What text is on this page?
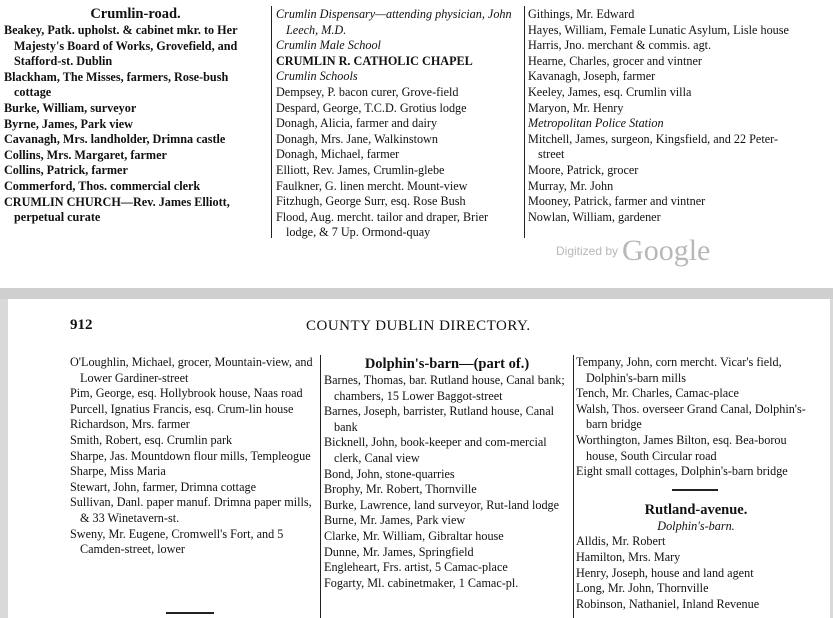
Crumlin-road.
Beakey, Patk. upholst. & cabinet mkr. to Her Majesty's Board of Works, Grovefield, and Stafford-st. Dublin
Blackham, The Misses, farmers, Rose-bush cottage
Burke, William, surveyor
Byrne, James, Park view
Cavanagh, Mrs. landholder, Drimna castle
Collins, Mrs. Margaret, farmer
Collins, Patrick, farmer
Commerford, Thos. commercial clerk
CRUMLIN CHURCH—Rev. James Elliott, perpetual curate
Crumlin Dispensary—attending physician, John Leech, M.D.
Crumlin Male School
CRUMLIN R. CATHOLIC CHAPEL
Crumlin Schools
Dempsey, P. bacon curer, Grove-field
Despard, George, T.C.D. Grotius lodge
Donagh, Alicia, farmer and dairy
Donagh, Mrs. Jane, Walkinstown
Donagh, Michael, farmer
Elliott, Rev. James, Crumlin-glebe
Faulkner, G. linen mercht. Mount-view
Fitzhugh, George Surr, esq. Rose Bush
Flood, Aug. mercht. tailor and draper, Brier lodge, & 7 Up. Ormond-quay
Githings, Mr. Edward
Hayes, William, Female Lunatic Asylum, Lisle house
Harris, Jno. merchant & commis. agt.
Hearne, Charles, grocer and vintner
Kavanagh, Joseph, farmer
Keeley, James, esq. Crumlin villa
Maryon, Mr. Henry
Metropolitan Police Station
Mitchell, James, surgeon, Kingsfield, and 22 Peter-street
Moore, Patrick, grocer
Murray, Mr. John
Mooney, Patrick, farmer and vintner
Nowlan, William, gardener
Digitized by Google
912	COUNTY DUBLIN DIRECTORY.
O'Loughlin, Michael, grocer, Mountain-view, and Lower Gardiner-street
Pim, George, esq. Hollybrook house, Naas road
Purcell, Ignatius Francis, esq. Crum-lin house
Richardson, Mrs. farmer
Smith, Robert, esq. Crumlin park
Sharpe, Jas. Mountdown flour mills, Templeogue
Sharpe, Miss Maria
Stewart, John, farmer, Drimna cottage
Sullivan, Danl. paper manuf. Drimna paper mills, & 33 Winetavern-st.
Sweny, Mr. Eugene, Cromwell's Fort, and 5 Camden-street, lower
Dolphin's-barn—(part of.)
Barnes, Thomas, bar. Rutland house, Canal bank; chambers, 15 Lower Baggot-street
Barnes, Joseph, barrister, Rutland house, Canal bank
Bicknell, John, book-keeper and com-mercial clerk, Canal view
Bond, John, stone-quarries
Brophy, Mr. Robert, Thornville
Burke, Lawrence, land surveyor, Rut-land lodge
Burne, Mr. James, Park view
Clarke, Mr. William, Gibraltar house
Dunne, Mr. James, Springfield
Engleheart, Frs. artist, 5 Camac-place
Fogarty, Ml. cabinetmaker, 1 Camac-pl.
Tempany, John, corn mercht. Vicar's field, Dolphin's-barn mills
Tench, Mr. Charles, Camac-place
Walsh, Thos. overseer Grand Canal, Dolphin's-barn bridge
Worthington, James Bilton, esq. Bea-borou house, South Circular road
Eight small cottages, Dolphin's-barn bridge
Rutland-avenue.
Dolphin's-barn.
Alldis, Mr. Robert
Hamilton, Mrs. Mary
Henry, Joseph, house and land agent
Long, Mr. John, Thornville
Robinson, Nathaniel, Inland Revenue
